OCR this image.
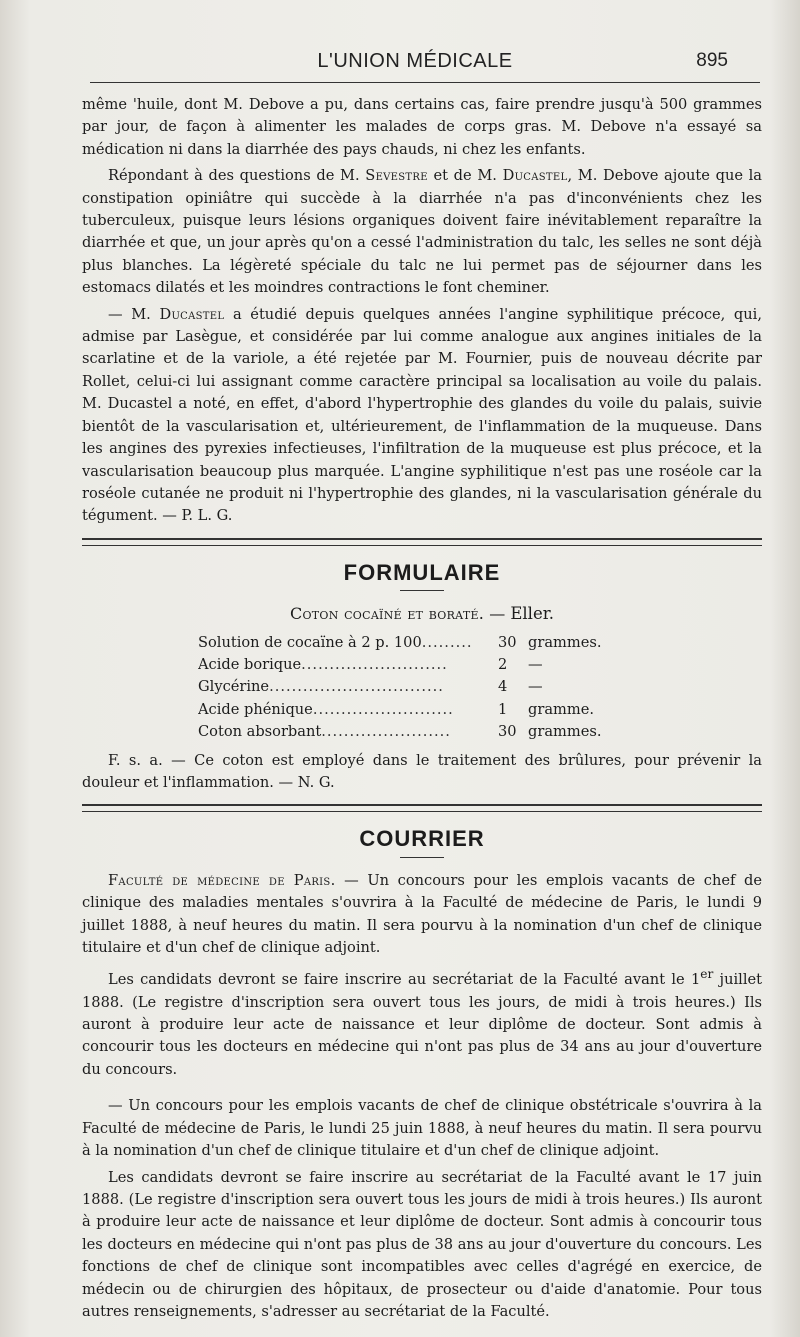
L'UNION MÉDICALE	895

même 'huile, dont M. Debove a pu, dans certains cas, faire prendre jusqu'à 500 grammes par jour, de façon à alimenter les malades de corps gras. M. Debove n'a essayé sa médication ni dans la diarrhée des pays chauds, ni chez les enfants.

Répondant à des questions de M. Sevestre et de M. Ducastel, M. Debove ajoute que la constipation opiniâtre qui succède à la diarrhée n'a pas d'inconvénients chez les tuberculeux, puisque leurs lésions organiques doivent faire inévitablement reparaître la diarrhée et que, un jour après qu'on a cessé l'administration du talc, les selles ne sont déjà plus blanches. La légèreté spéciale du talc ne lui permet pas de séjourner dans les estomacs dilatés et les moindres contractions le font cheminer.

— M. Ducastel a étudié depuis quelques années l'angine syphilitique précoce, qui, admise par Lasègue, et considérée par lui comme analogue aux angines initiales de la scarlatine et de la variole, a été rejetée par M. Fournier, puis de nouveau décrite par Rollet, celui-ci lui assignant comme caractère principal sa localisation au voile du palais. M. Ducastel a noté, en effet, d'abord l'hypertrophie des glandes du voile du palais, suivie bientôt de la vascularisation et, ultérieurement, de l'inflammation de la muqueuse. Dans les angines des pyrexies infectieuses, l'infiltration de la muqueuse est plus précoce, et la vascularisation beaucoup plus marquée. L'angine syphilitique n'est pas une roséole car la roséole cutanée ne produit ni l'hypertrophie des glandes, ni la vascularisation générale du tégument. — P. L. G.

FORMULAIRE
Coton cocaïné et boraté. — Eller.
Solution de cocaïne à 2 p. 100.........	30	grammes.
Acide borique..........................	2	—
Glycérine...............................	4	—
Acide phénique.........................	1	gramme.
Coton absorbant.......................	30	grammes.

F. s. a. — Ce coton est employé dans le traitement des brûlures, pour prévenir la douleur et l'inflammation. — N. G.

COURRIER

Faculté de médecine de Paris. — Un concours pour les emplois vacants de chef de clinique des maladies mentales s'ouvrira à la Faculté de médecine de Paris, le lundi 9 juillet 1888, à neuf heures du matin. Il sera pourvu à la nomination d'un chef de clinique titulaire et d'un chef de clinique adjoint.

Les candidats devront se faire inscrire au secrétariat de la Faculté avant le 1er juillet 1888. (Le registre d'inscription sera ouvert tous les jours, de midi à trois heures.) Ils auront à produire leur acte de naissance et leur diplôme de docteur. Sont admis à concourir tous les docteurs en médecine qui n'ont pas plus de 34 ans au jour d'ouverture du concours.

— Un concours pour les emplois vacants de chef de clinique obstétricale s'ouvrira à la Faculté de médecine de Paris, le lundi 25 juin 1888, à neuf heures du matin. Il sera pourvu à la nomination d'un chef de clinique titulaire et d'un chef de clinique adjoint.

Les candidats devront se faire inscrire au secrétariat de la Faculté avant le 17 juin 1888. (Le registre d'inscription sera ouvert tous les jours de midi à trois heures.) Ils auront à produire leur acte de naissance et leur diplôme de docteur. Sont admis à concourir tous les docteurs en médecine qui n'ont pas plus de 38 ans au jour d'ouverture du concours. Les fonctions de chef de clinique sont incompatibles avec celles d'agrégé en exercice, de médecin ou de chirurgien des hôpitaux, de prosecteur ou d'aide d'anatomie. Pour tous autres renseignements, s'adresser au secrétariat de la Faculté.
